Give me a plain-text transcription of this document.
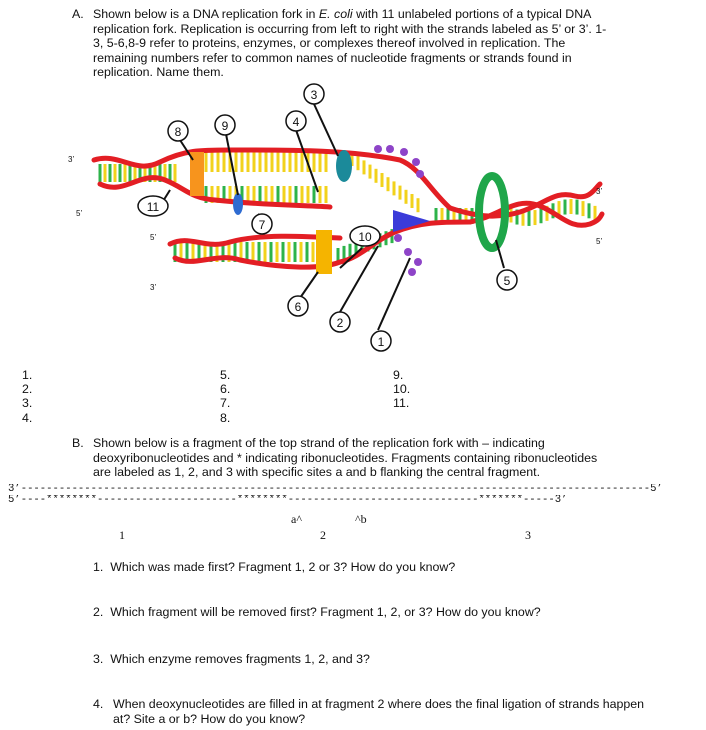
A. Shown below is a DNA replication fork in E. coli with 11 unlabeled portions of a typical DNA
replication fork. Replication is occurring from left to right with the strands labeled as 5’ or 3’. 1-
3, 5-6,8-9 refer to proteins, enzymes, or complexes thereof involved in replication. The
remaining numbers refer to common names of nucleotide fragments or strands found in
replication. Name them.
3
4
9
8
11
7
10
6
2
1
5
3’
5’
5’
3’
3’
5’
1.
2.
3.
4.
5.
6.
7.
8.
9.
10.
11.
B. Shown below is a fragment of the top strand of the replication fork with – indicating
deoxyribonucleotides and * indicating ribonucleotides. Fragments containing ribonucleotides
are labeled as 1, 2, and 3 with specific sites a and b flanking the central fragment.
3’---------------------------------------------------------------------------------------------------5’
5’----********----------------------********------------------------------*******-----3’
a^	^b
1	2	3
1. Which was made first? Fragment 1, 2 or 3? How do you know?
2. Which fragment will be removed first? Fragment 1, 2, or 3? How do you know?
3. Which enzyme removes fragments 1, 2, and 3?
4. When deoxynucleotides are filled in at fragment 2 where does the final ligation of strands happen at? Site a or b? How do you know?
